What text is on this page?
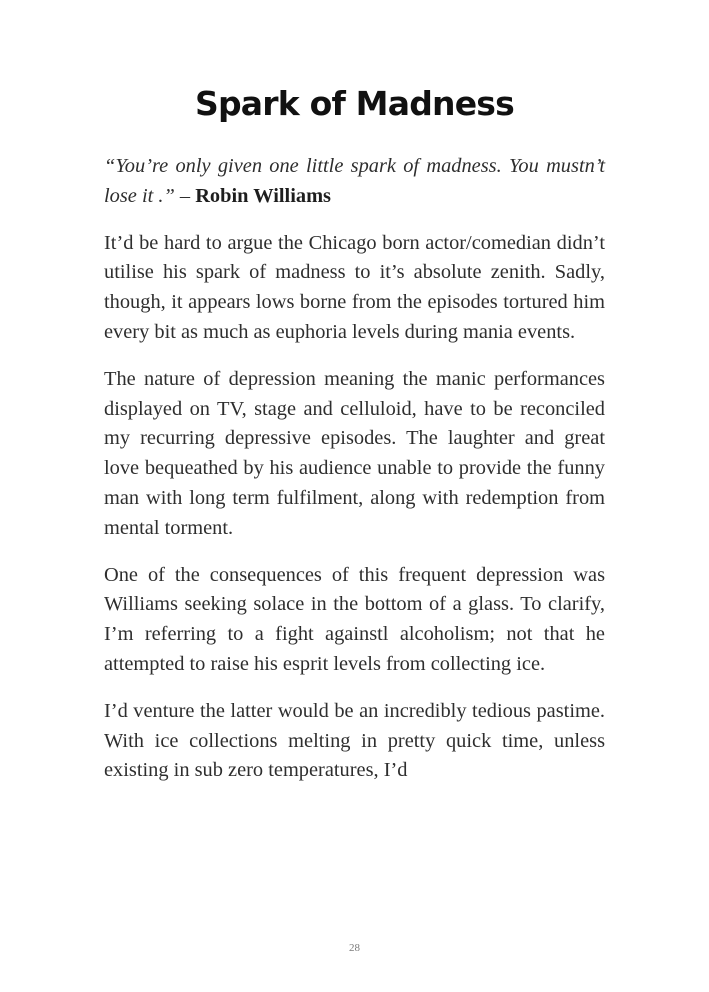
Spark of Madness

“You’re only given one little spark of madness. You mustn’t lose it .” – Robin Williams

It’d be hard to argue the Chicago born actor/comedian didn’t utilise his spark of madness to it’s absolute zenith. Sadly, though, it appears lows borne from the episodes tortured him every bit as much as euphoria levels during mania events.

The nature of depression meaning the manic performances displayed on TV, stage and celluloid, have to be reconciled my recurring depressive episodes. The laughter and great love bequeathed by his audience unable to provide the funny man with long term fulfilment, along with redemption from mental torment.

One of the consequences of this frequent depression was Williams seeking solace in the bottom of a glass. To clarify, I’m referring to a fight againstl alcoholism; not that he attempted to raise his esprit levels from collecting ice.

I’d venture the latter would be an incredibly tedious pastime. With ice collections melting in pretty quick time, unless existing in sub zero temperatures, I’d

28
